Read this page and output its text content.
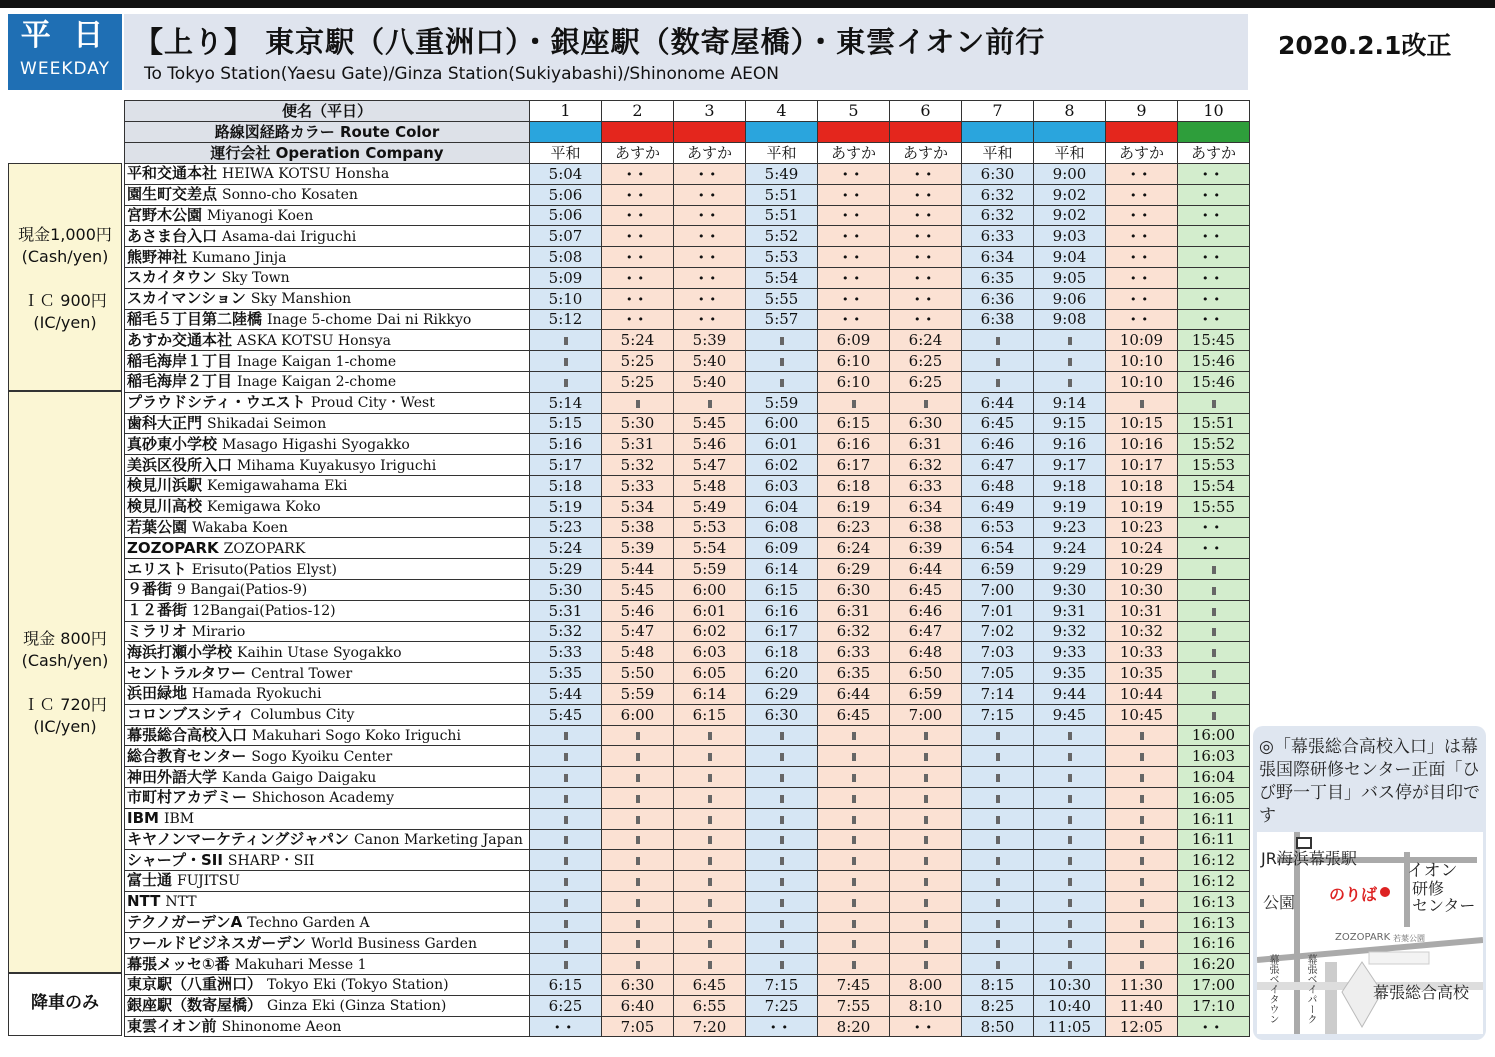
平 日
WEEKDAY
【上り】 東京駅（八重洲口）・銀座駅（数寄屋橋）・東雲イオン前行
To Tokyo Station(Yaesu Gate)/Ginza Station(Sukiyabashi)/Shinonome AEON
2020.2.1改正
便名（平日）	1	2	3	4	5	6	7	8	9	10
路線図経路カラー Route Color										
運行会社 Operation Company	平和	あすか	あすか	平和	あすか	あすか	平和	平和	あすか	あすか
平和交通本社 HEIWA KOTSU Honsha	5:04	••	••	5:49	••	••	6:30	9:00	••	••
園生町交差点 Sonno-cho Kosaten	5:06	••	••	5:51	••	••	6:32	9:02	••	••
宮野木公園 Miyanogi Koen	5:06	••	••	5:51	••	••	6:32	9:02	••	••
あさま台入口 Asama-dai Iriguchi	5:07	••	••	5:52	••	••	6:33	9:03	••	••
熊野神社 Kumano Jinja	5:08	••	••	5:53	••	••	6:34	9:04	••	••
スカイタウン Sky Town	5:09	••	••	5:54	••	••	6:35	9:05	••	••
スカイマンション Sky Manshion	5:10	••	••	5:55	••	••	6:36	9:06	••	••
稲毛５丁目第二陸橋 Inage 5-chome Dai ni Rikkyo	5:12	••	••	5:57	••	••	6:38	9:08	••	••
あすか交通本社 ASKA KOTSU Honsya		5:24	5:39		6:09	6:24			10:09	15:45
稲毛海岸１丁目 Inage Kaigan 1-chome		5:25	5:40		6:10	6:25			10:10	15:46
稲毛海岸２丁目 Inage Kaigan 2-chome		5:25	5:40		6:10	6:25			10:10	15:46
プラウドシティ・ウエスト Proud City・West	5:14			5:59			6:44	9:14		
歯科大正門 Shikadai Seimon	5:15	5:30	5:45	6:00	6:15	6:30	6:45	9:15	10:15	15:51
真砂東小学校 Masago Higashi Syogakko	5:16	5:31	5:46	6:01	6:16	6:31	6:46	9:16	10:16	15:52
美浜区役所入口 Mihama Kuyakusyo Iriguchi	5:17	5:32	5:47	6:02	6:17	6:32	6:47	9:17	10:17	15:53
検見川浜駅 Kemigawahama Eki	5:18	5:33	5:48	6:03	6:18	6:33	6:48	9:18	10:18	15:54
検見川高校 Kemigawa Koko	5:19	5:34	5:49	6:04	6:19	6:34	6:49	9:19	10:19	15:55
若葉公園 Wakaba Koen	5:23	5:38	5:53	6:08	6:23	6:38	6:53	9:23	10:23	••
ZOZOPARK ZOZOPARK	5:24	5:39	5:54	6:09	6:24	6:39	6:54	9:24	10:24	••
エリスト Erisuto(Patios Elyst)	5:29	5:44	5:59	6:14	6:29	6:44	6:59	9:29	10:29	
９番街 9 Bangai(Patios-9)	5:30	5:45	6:00	6:15	6:30	6:45	7:00	9:30	10:30	
１２番街 12Bangai(Patios-12)	5:31	5:46	6:01	6:16	6:31	6:46	7:01	9:31	10:31	
ミラリオ Mirario	5:32	5:47	6:02	6:17	6:32	6:47	7:02	9:32	10:32	
海浜打瀬小学校 Kaihin Utase Syogakko	5:33	5:48	6:03	6:18	6:33	6:48	7:03	9:33	10:33	
セントラルタワー Central Tower	5:35	5:50	6:05	6:20	6:35	6:50	7:05	9:35	10:35	
浜田緑地 Hamada Ryokuchi	5:44	5:59	6:14	6:29	6:44	6:59	7:14	9:44	10:44	
コロンブスシティ Columbus City	5:45	6:00	6:15	6:30	6:45	7:00	7:15	9:45	10:45	
幕張総合高校入口 Makuhari Sogo Koko Iriguchi										16:00
総合教育センター Sogo Kyoiku Center										16:03
神田外語大学 Kanda Gaigo Daigaku										16:04
市町村アカデミー Shichoson Academy										16:05
IBM IBM										16:11
キヤノンマーケティングジャパン Canon Marketing Japan										16:11
シャープ・SII SHARP・SII										16:12
富士通 FUJITSU										16:12
NTT NTT										16:13
テクノガーデンA Techno Garden A										16:13
ワールドビジネスガーデン World Business Garden										16:16
幕張メッセ①番 Makuhari Messe 1										16:20
東京駅（八重洲口） Tokyo Eki (Tokyo Station)	6:15	6:30	6:45	7:15	7:45	8:00	8:15	10:30	11:30	17:00
銀座駅（数寄屋橋） Ginza Eki (Ginza Station)	6:25	6:40	6:55	7:25	7:55	8:10	8:25	10:40	11:40	17:10
東雲イオン前 Shinonome Aeon	••	7:05	7:20	••	8:20	••	8:50	11:05	12:05	••
現金1,000円
(Cash/yen)
ＩＣ 900円
(IC/yen)
現金 800円
(Cash/yen)
ＩＣ 720円
(IC/yen)
降車のみ
◎「幕張総合高校入口」は幕張国際研修センター正面「ひび野一丁目」バス停が目印です
JR海浜幕張駅
イオン
公園 のりば 研修
センター
ZOZOPARK 若葉公園
幕張総合高校
幕張ベイタウン	幕張ベイパーク
